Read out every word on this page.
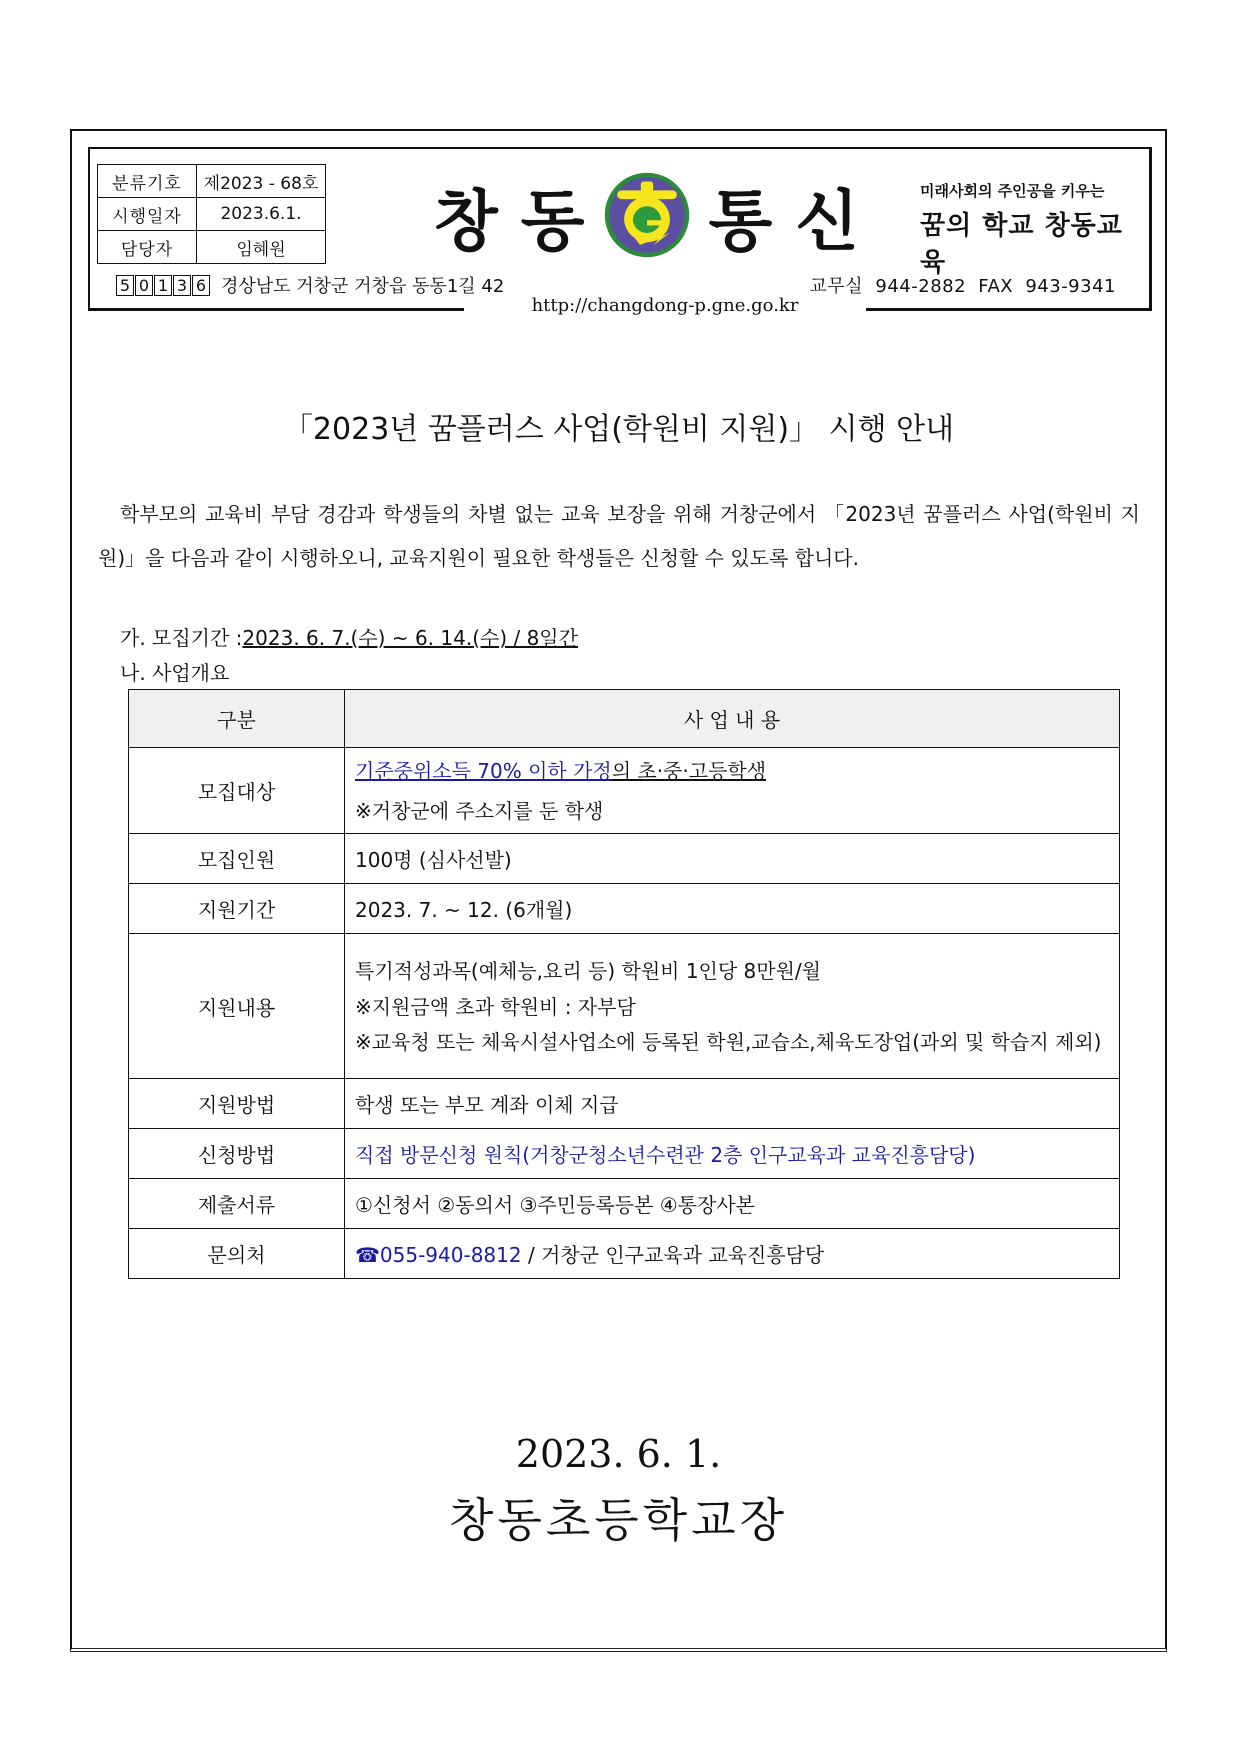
분류기호	제2023 - 68호
시행일자	2023.6.1.
담당자	임혜원 창 동 통 신	미래사회의 주인공을 키우는
꿈의 학교 창동교육
5 0 1 3 6 경상남도 거창군 거창읍 동동1길 42	교무실 944-2882 FAX 943-9341
http://changdong-p.gne.go.kr
「2023년 꿈플러스 사업(학원비 지원)」 시행 안내
학부모의 교육비 부담 경감과 학생들의 차별 없는 교육 보장을 위해 거창군에서 「2023년 꿈플러스 사업(학원비 지원)」을 다음과 같이 시행하오니, 교육지원이 필요한 학생들은 신청할 수 있도록 합니다.
가. 모집기간 :2023. 6. 7.(수) ~ 6. 14.(수) / 8일간
나. 사업개요
구분	사 업 내 용
모집대상	기준중위소득 70% 이하 가정의 초·중·고등학생
※거창군에 주소지를 둔 학생

모집인원	100명 (심사선발)
지원기간	2023. 7. ~ 12. (6개월)
지원내용	특기적성과목(예체능,요리 등) 학원비 1인당 8만원/월
※지원금액 초과 학원비 : 자부담
※교육청 또는 체육시설사업소에 등록된 학원,교습소,체육도장업(과외 및 학습지 제외)

지원방법	학생 또는 부모 계좌 이체 지급
신청방법	직접 방문신청 원칙(거창군청소년수련관 2층 인구교육과 교육진흥담당)
제출서류	①신청서 ②동의서 ③주민등록등본 ④통장사본
문의처	☎055-940-8812 / 거창군 인구교육과 교육진흥담당
2023. 6. 1.
창동초등학교장
